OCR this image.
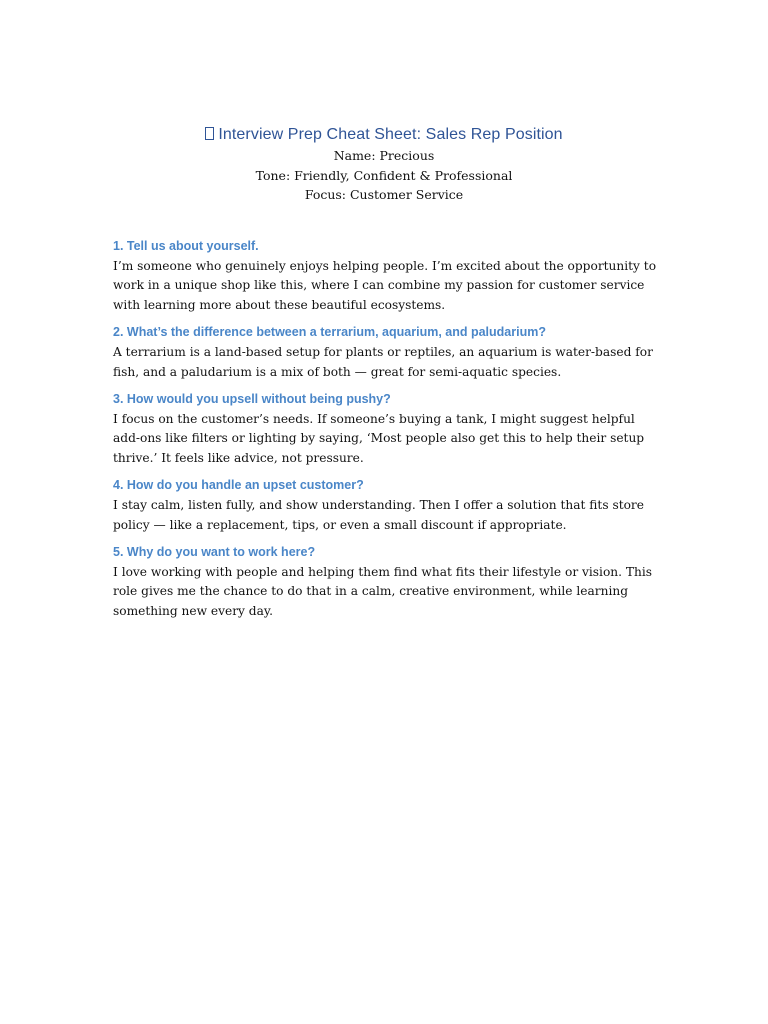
Interview Prep Cheat Sheet: Sales Rep Position
Name: Precious
Tone: Friendly, Confident & Professional
Focus: Customer Service
1. Tell us about yourself.

I’m someone who genuinely enjoys helping people. I’m excited about the opportunity to work in a unique shop like this, where I can combine my passion for customer service with learning more about these beautiful ecosystems.

2. What’s the difference between a terrarium, aquarium, and paludarium?

A terrarium is a land-based setup for plants or reptiles, an aquarium is water-based for fish, and a paludarium is a mix of both — great for semi-aquatic species.

3. How would you upsell without being pushy?

I focus on the customer’s needs. If someone’s buying a tank, I might suggest helpful add-ons like filters or lighting by saying, ‘Most people also get this to help their setup thrive.’ It feels like advice, not pressure.

4. How do you handle an upset customer?

I stay calm, listen fully, and show understanding. Then I offer a solution that fits store policy — like a replacement, tips, or even a small discount if appropriate.

5. Why do you want to work here?

I love working with people and helping them find what fits their lifestyle or vision. This role gives me the chance to do that in a calm, creative environment, while learning something new every day.
